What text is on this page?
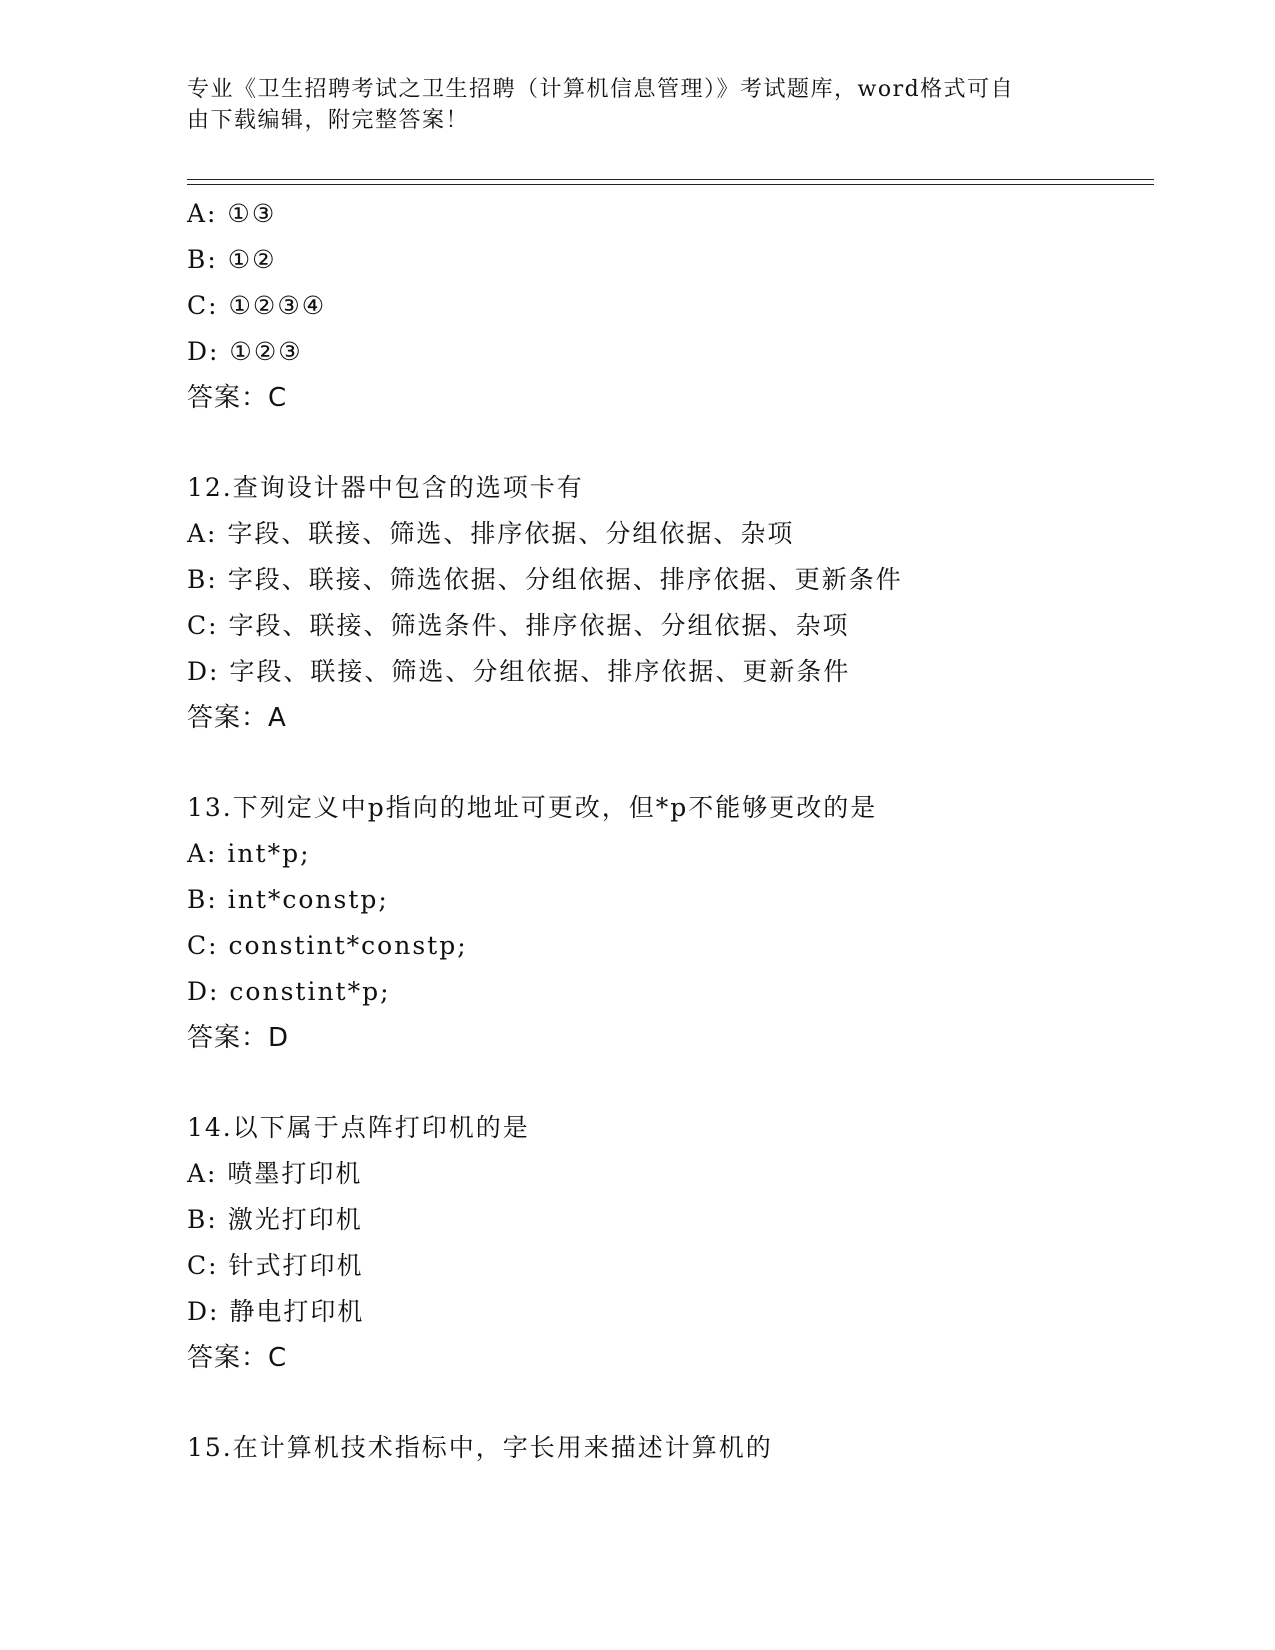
专业《卫生招聘考试之卫生招聘（计算机信息管理）》考试题库，word格式可自
由下载编辑，附完整答案！
A: ①③
B: ①②
C: ①②③④
D: ①②③
答案：C
12.查询设计器中包含的选项卡有
A: 字段、联接、筛选、排序依据、分组依据、杂项
B: 字段、联接、筛选依据、分组依据、排序依据、更新条件
C: 字段、联接、筛选条件、排序依据、分组依据、杂项
D: 字段、联接、筛选、分组依据、排序依据、更新条件
答案：A
13.下列定义中p指向的地址可更改，但*p不能够更改的是
A: int*p;
B: int*constp;
C: constint*constp;
D: constint*p;
答案：D
14.以下属于点阵打印机的是
A: 喷墨打印机
B: 激光打印机
C: 针式打印机
D: 静电打印机
答案：C
15.在计算机技术指标中，字长用来描述计算机的
